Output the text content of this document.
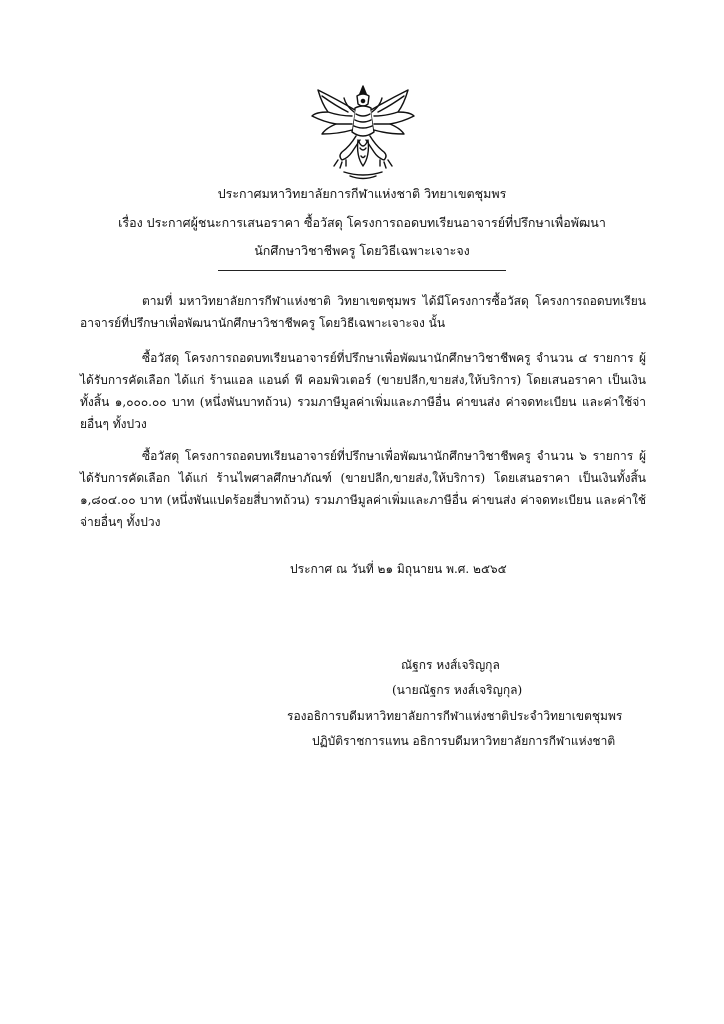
ประกาศมหาวิทยาลัยการกีฬาแห่งชาติ วิทยาเขตชุมพร
เรื่อง ประกาศผู้ชนะการเสนอราคา ซื้อวัสดุ โครงการถอดบทเรียนอาจารย์ที่ปรึกษาเพื่อพัฒนา
นักศึกษาวิชาชีพครู โดยวิธีเฉพาะเจาะจง
ตามที่ มหาวิทยาลัยการกีฬาแห่งชาติ วิทยาเขตชุมพร ได้มีโครงการซื้อวัสดุ โครงการถอดบทเรียนอาจารย์ที่ปรึกษาเพื่อพัฒนานักศึกษาวิชาชีพครู โดยวิธีเฉพาะเจาะจง นั้น
ซื้อวัสดุ โครงการถอดบทเรียนอาจารย์ที่ปรึกษาเพื่อพัฒนานักศึกษาวิชาชีพครู จำนวน ๔ รายการ ผู้ได้รับการคัดเลือก ได้แก่ ร้านแอล แอนด์ พี คอมพิวเตอร์ (ขายปลีก,ขายส่ง,ให้บริการ) โดยเสนอราคา เป็นเงินทั้งสิ้น ๑,๐๐๐.๐๐ บาท (หนึ่งพันบาทถ้วน) รวมภาษีมูลค่าเพิ่มและภาษีอื่น ค่าขนส่ง ค่าจดทะเบียน และค่าใช้จ่ายอื่นๆ ทั้งปวง
ซื้อวัสดุ โครงการถอดบทเรียนอาจารย์ที่ปรึกษาเพื่อพัฒนานักศึกษาวิชาชีพครู จำนวน ๖ รายการ ผู้ได้รับการคัดเลือก ได้แก่ ร้านไพศาลศึกษาภัณฑ์ (ขายปลีก,ขายส่ง,ให้บริการ) โดยเสนอราคา เป็นเงินทั้งสิ้น ๑,๘๐๔.๐๐ บาท (หนึ่งพันแปดร้อยสี่บาทถ้วน) รวมภาษีมูลค่าเพิ่มและภาษีอื่น ค่าขนส่ง ค่าจดทะเบียน และค่าใช้จ่ายอื่นๆ ทั้งปวง
ประกาศ ณ วันที่ ๒๑ มิถุนายน พ.ศ. ๒๕๖๕
ณัฐกร หงส์เจริญกุล
(นายณัฐกร หงส์เจริญกุล)
รองอธิการบดีมหาวิทยาลัยการกีฬาแห่งชาติประจำวิทยาเขตชุมพร
ปฏิบัติราชการแทน อธิการบดีมหาวิทยาลัยการกีฬาแห่งชาติ
